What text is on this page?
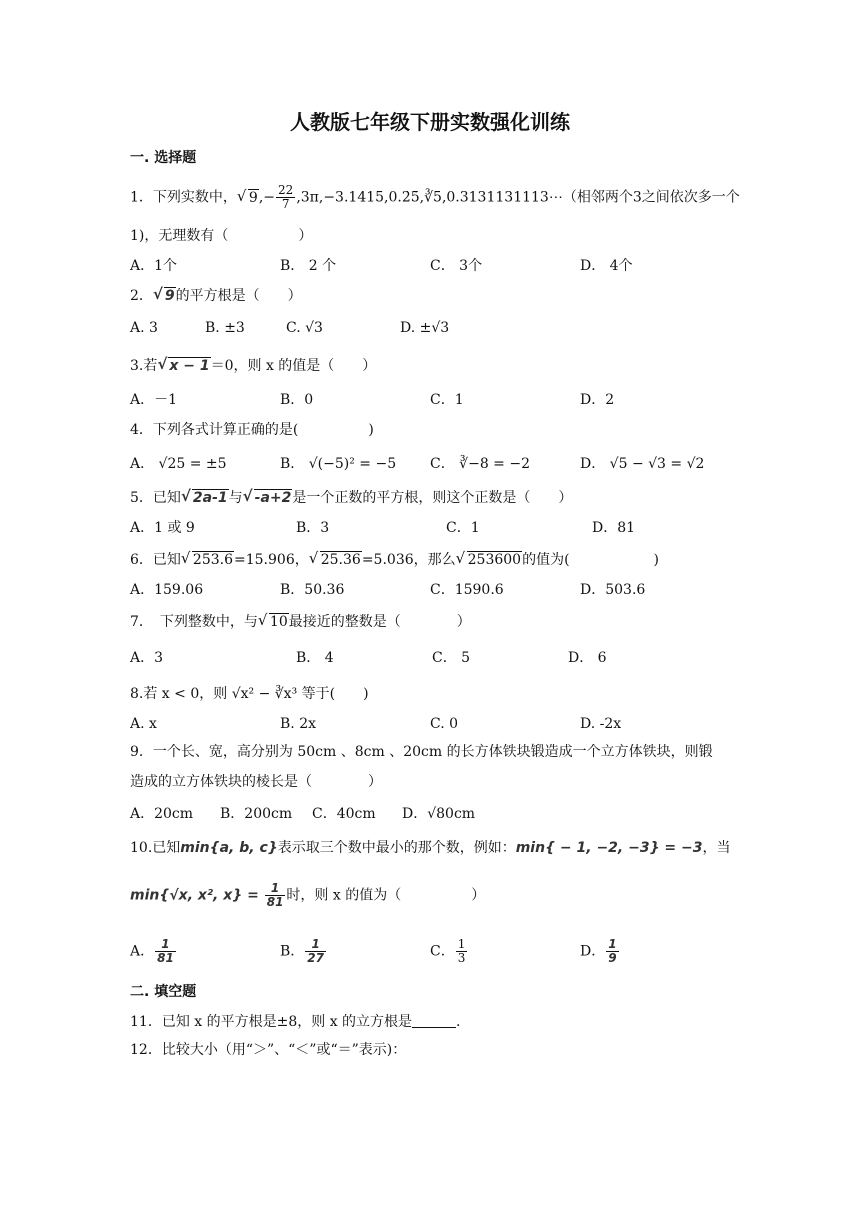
人教版七年级下册实数强化训练
一. 选择题
1．下列实数中， √ $9,- \frac{22}{7}$ ,3π,−3.1415,0.2̇5̇,∛5,0.3131131113⋯（相邻两个3之间依次多一个
1)，无理数有（　　　　　）
A．1个	B． 2 个	C． 3个	D． 4个
2． √ 9的平方根是（　　）
A. 3	B. ±3	C. √3	D. ±√3
3.若 √ x − 1＝0，则 x 的值是（　　）
A．－1	B．0	C．1	D．2
4．下列各式计算正确的是(　　　　　)
A． √25 = ±5	B． √(−5)² = −5 C． ∛−8 = −2	D． √5 − √3 = √2
5．已知 √ 2a-1与 √ -a+2是一个正数的平方根，则这个正数是（　　）
A．1 或 9	B．3	C．1	D．81
6．已知 √ 253.6=15.906， √ 25.36=5.036，那么 √ 253600的值为(　　　　　　)
A．159.06	B．50.36	C．1590.6	D．503.6
7．　下列整数中，与 √ 10最接近的整数是（　　　　）
A．3	B． 4	C． 5	D． 6
8.若 x < 0，则 √x² − ∛x³ 等于(　　)
A. x	B. 2x	C. 0	D. -2x
9．一个长、宽，高分别为 50cm 、8cm 、20cm 的长方体铁块锻造成一个立方体铁块，则锻
造成的立方体铁块的棱长是（　　　　）
A．20cm B．200cm C．40cm D．√80cm
10.已知min{a, b, c}表示取三个数中最小的那个数，例如：min{ − 1, −2, −3} = −3，当
min{√x, x², $x\} = \frac{1}{81}$ 时，则 x 的值为（　　　　　）
A． $\frac{1}{81}$	B． $\frac{1}{27}$	C． $\frac{1}{3}$	D． $\frac{1}{9}$
二. 填空题
11．已知 x 的平方根是±8，则 x 的立方根是	.
12．比较大小（用“＞”、“＜”或“＝”表示)：
